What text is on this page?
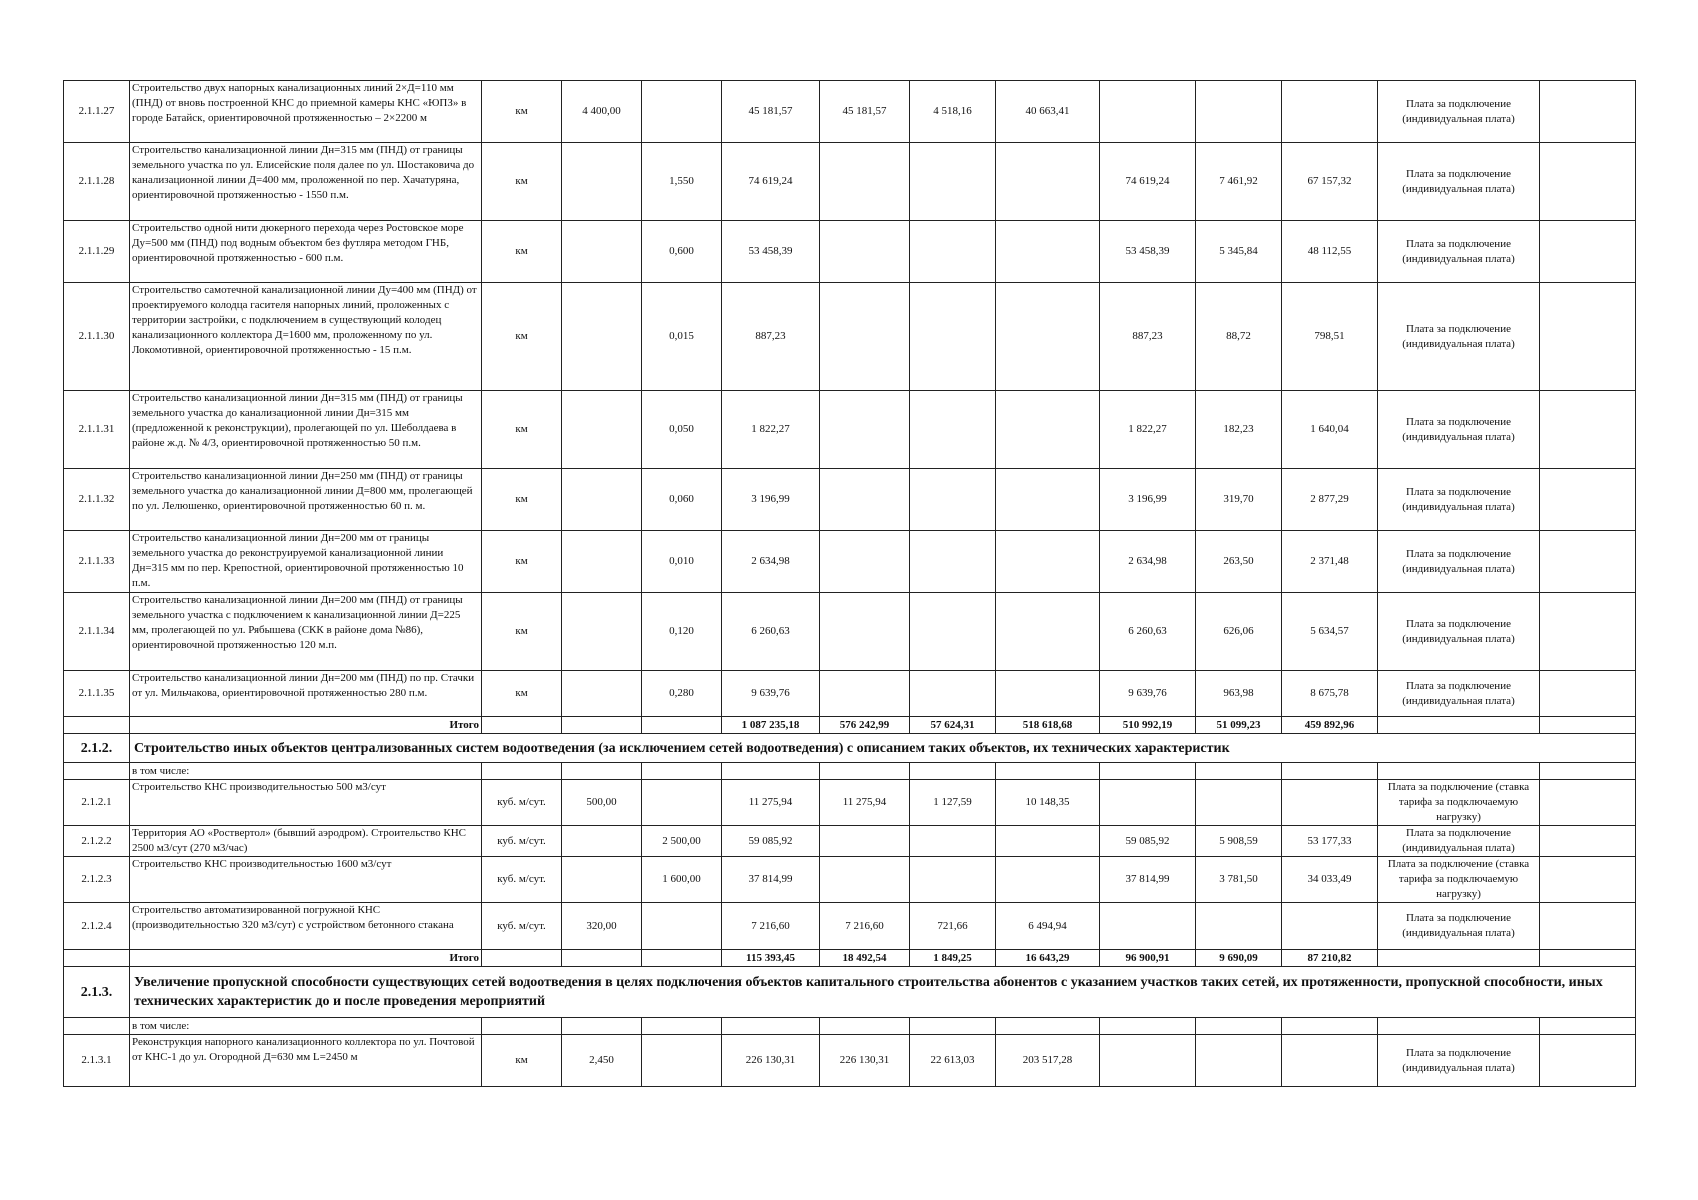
2.1.1.27	Строительство двух напорных канализационных линий 2×Д=110 мм (ПНД) от вновь построенной КНС до приемной камеры КНС «ЮПЗ» в городе Батайск, ориентировочной протяженностью – 2×2200 м	км	4 400,00		45 181,57	45 181,57	4 518,16	40 663,41				Плата за подключение (индивидуальная плата)	
2.1.1.28	Строительство канализационной линии Дн=315 мм (ПНД) от границы земельного участка по ул. Елисейские поля далее по ул. Шостаковича до канализационной линии Д=400 мм, проложенной по пер. Хачатуряна, ориентировочной протяженностью - 1550 п.м.	км		1,550	74 619,24				74 619,24	7 461,92	67 157,32	Плата за подключение (индивидуальная плата)	
2.1.1.29	Строительство одной нити дюкерного перехода через Ростовское море Ду=500 мм (ПНД) под водным объектом без футляра методом ГНБ, ориентировочной протяженностью - 600 п.м.	км		0,600	53 458,39				53 458,39	5 345,84	48 112,55	Плата за подключение (индивидуальная плата)	
2.1.1.30	Строительство самотечной канализационной линии Ду=400 мм (ПНД) от проектируемого колодца гасителя напорных линий, проложенных с территории застройки, с подключением в существующий колодец канализационного коллектора Д=1600 мм, проложенному по ул. Локомотивной, ориентировочной протяженностью - 15 п.м.	км		0,015	887,23				887,23	88,72	798,51	Плата за подключение (индивидуальная плата)	
2.1.1.31	Строительство канализационной линии Дн=315 мм (ПНД) от границы земельного участка до канализационной линии Дн=315 мм (предложенной к реконструкции), пролегающей по ул. Шеболдаева в районе ж.д. № 4/3, ориентировочной протяженностью 50 п.м.	км		0,050	1 822,27				1 822,27	182,23	1 640,04	Плата за подключение (индивидуальная плата)	
2.1.1.32	Строительство канализационной линии Дн=250 мм (ПНД) от границы земельного участка до канализационной линии Д=800 мм, пролегающей по ул. Лелюшенко, ориентировочной протяженностью 60 п. м.	км		0,060	3 196,99				3 196,99	319,70	2 877,29	Плата за подключение (индивидуальная плата)	
2.1.1.33	Строительство канализационной линии Дн=200 мм от границы земельного участка до реконструируемой канализационной линии Дн=315 мм по пер. Крепостной, ориентировочной протяженностью 10 п.м.	км		0,010	2 634,98				2 634,98	263,50	2 371,48	Плата за подключение (индивидуальная плата)	
2.1.1.34	Строительство канализационной линии Дн=200 мм (ПНД) от границы земельного участка с подключением к канализационной линии Д=225 мм, пролегающей по ул. Рябышева (СКК в районе дома №86), ориентировочной протяженностью 120 м.п.	км		0,120	6 260,63				6 260,63	626,06	5 634,57	Плата за подключение (индивидуальная плата)	
2.1.1.35	Строительство канализационной линии Дн=200 мм (ПНД) по пр. Стачки от ул. Мильчакова, ориентировочной протяженностью 280 п.м.	км		0,280	9 639,76				9 639,76	963,98	8 675,78	Плата за подключение (индивидуальная плата)	
	Итого				1 087 235,18	576 242,99	57 624,31	518 618,68	510 992,19	51 099,23	459 892,96		
2.1.2.	Строительство иных объектов централизованных систем водоотведения (за исключением сетей водоотведения) с описанием таких объектов, их технических характеристик												
	в том числе:												
2.1.2.1	Строительство КНС производительностью 500 м3/сут	куб. м/сут.	500,00		11 275,94	11 275,94	1 127,59	10 148,35				Плата за подключение (ставка тарифа за подключаемую нагрузку)	
2.1.2.2	Территория АО «Роствертол» (бывший аэродром). Строительство КНС 2500 м3/сут (270 м3/час)	куб. м/сут.		2 500,00	59 085,92				59 085,92	5 908,59	53 177,33	Плата за подключение (индивидуальная плата)	
2.1.2.3	Строительство КНС производительностью 1600 м3/сут	куб. м/сут.		1 600,00	37 814,99				37 814,99	3 781,50	34 033,49	Плата за подключение (ставка тарифа за подключаемую нагрузку)	
2.1.2.4	Строительство автоматизированной погружной КНС (производительностью 320 м3/сут) с устройством бетонного стакана	куб. м/сут.	320,00		7 216,60	7 216,60	721,66	6 494,94				Плата за подключение (индивидуальная плата)	
	Итого				115 393,45	18 492,54	1 849,25	16 643,29	96 900,91	9 690,09	87 210,82		
2.1.3.	Увеличение пропускной способности существующих сетей водоотведения в целях подключения объектов капитального строительства абонентов с указанием участков таких сетей, их протяженности, пропускной способности, иных технических характеристик до и после проведения мероприятий												
	в том числе:												
2.1.3.1	Реконструкция напорного канализационного коллектора по ул. Почтовой от КНС-1 до ул. Огородной Д=630 мм L=2450 м	км	2,450		226 130,31	226 130,31	22 613,03	203 517,28				Плата за подключение (индивидуальная плата)	
